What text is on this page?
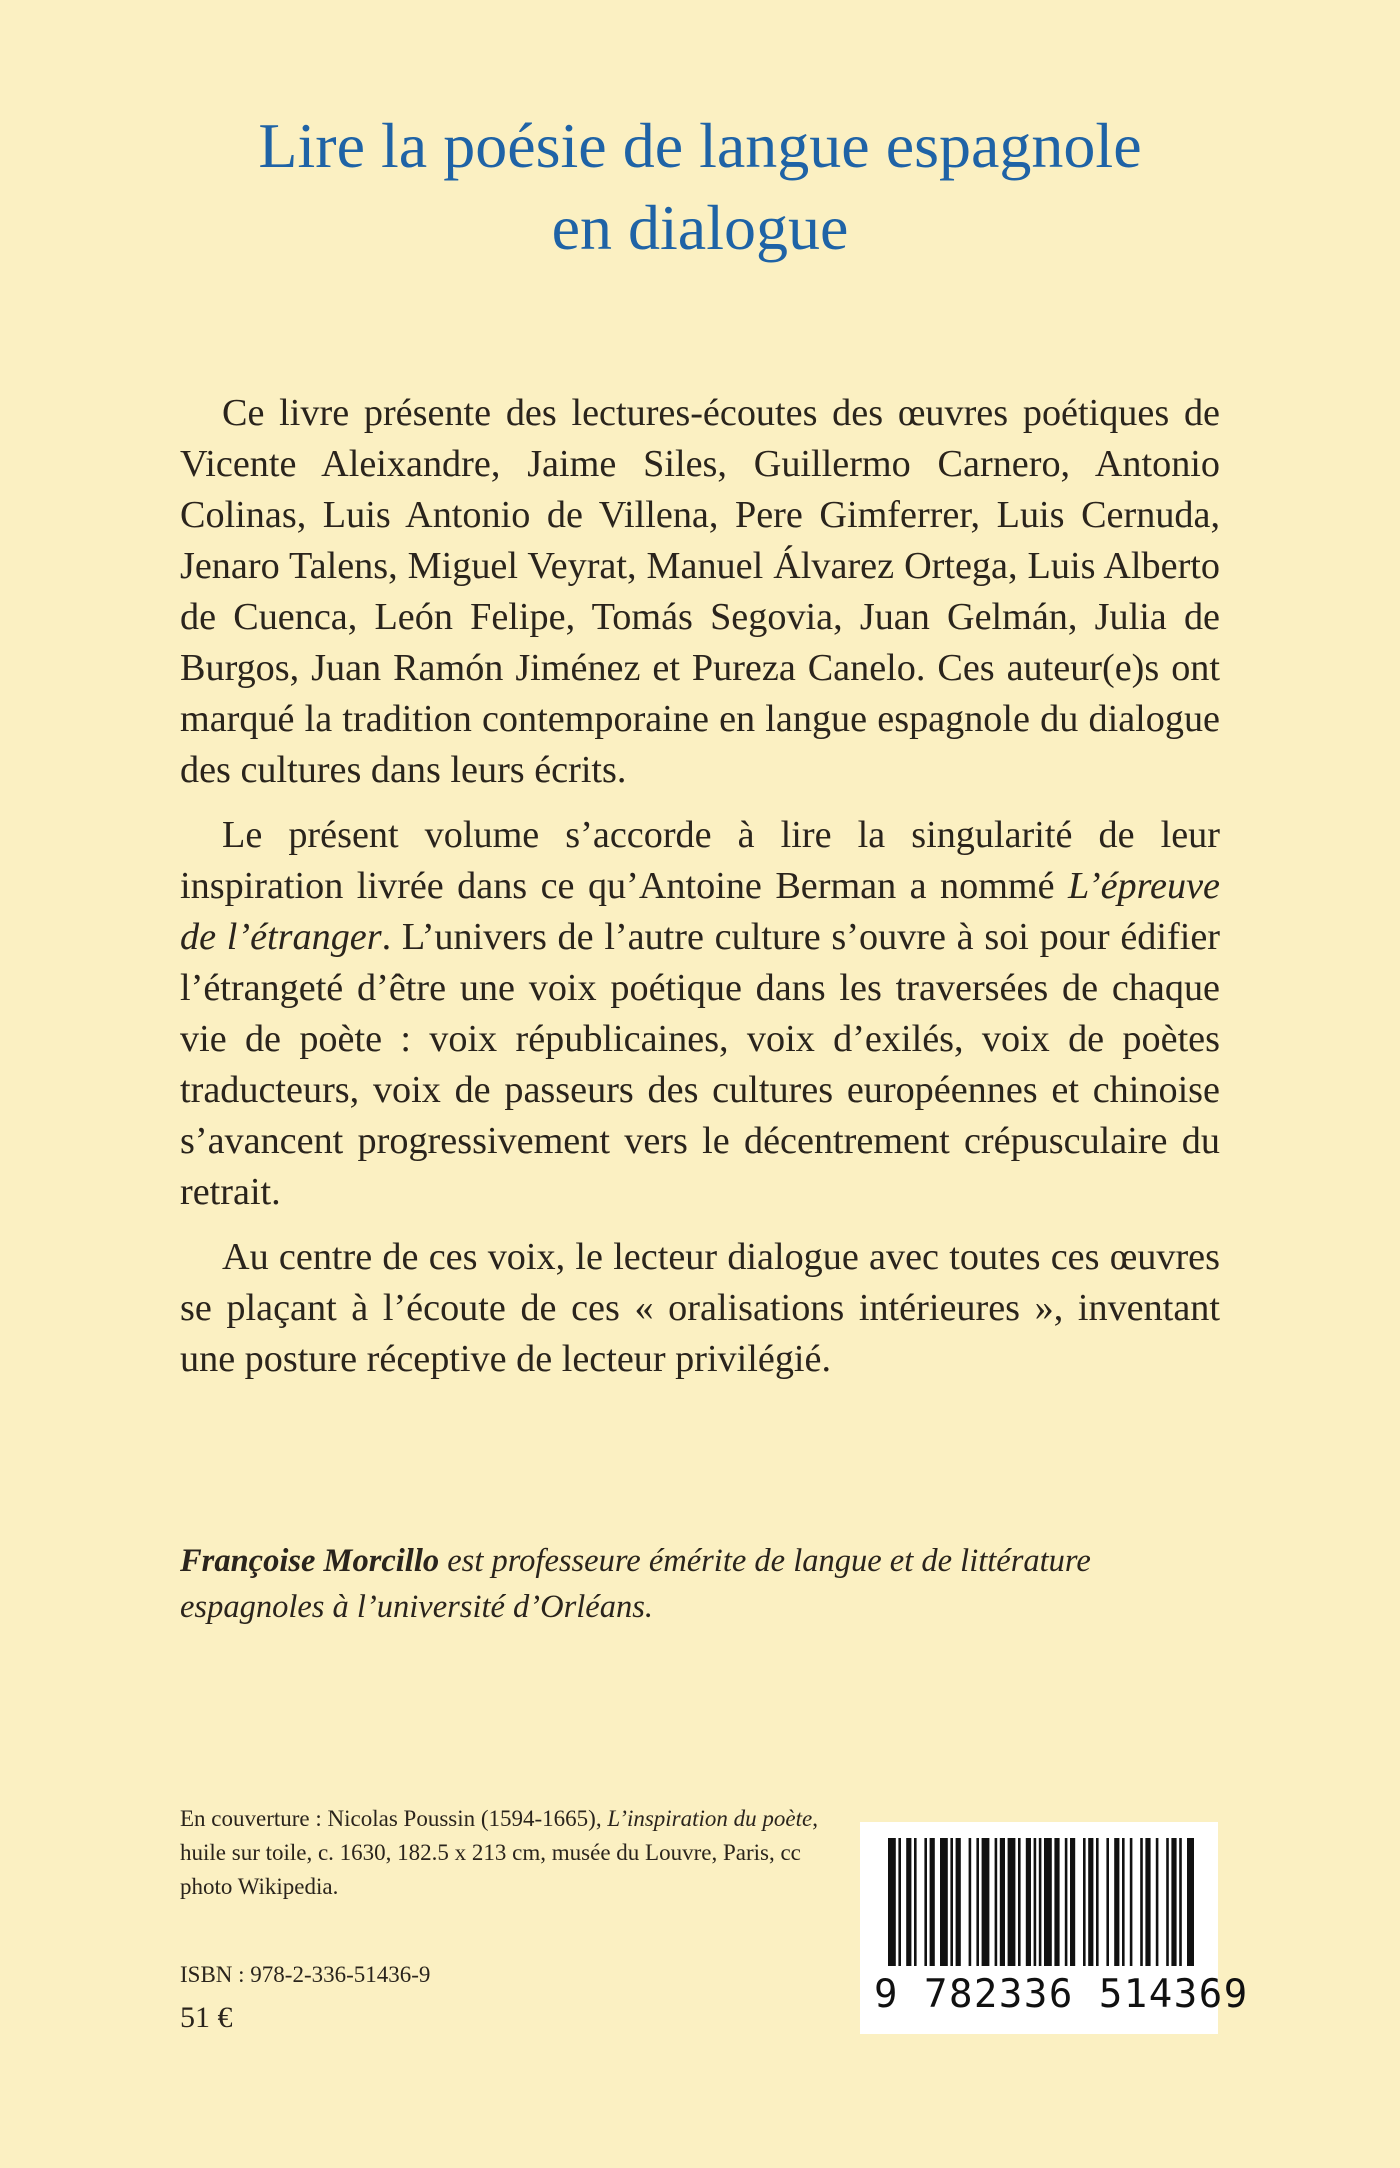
Lire la poésie de langue espagnole
en dialogue

Ce livre présente des lectures-écoutes des œuvres poétiques de Vicente Aleixandre, Jaime Siles, Guillermo Carnero, Antonio Colinas, Luis Antonio de Villena, Pere Gimferrer, Luis Cernuda, Jenaro Talens, Miguel Veyrat, Manuel Álvarez Ortega, Luis Alberto de Cuenca, León Felipe, Tomás Segovia, Juan Gelmán, Julia de Burgos, Juan Ramón Jiménez et Pureza Canelo. Ces auteur(e)s ont marqué la tradition contemporaine en langue espagnole du dialogue des cultures dans leurs écrits.

Le présent volume s’accorde à lire la singularité de leur inspiration livrée dans ce qu’Antoine Berman a nommé L’épreuve de l’étranger. L’univers de l’autre culture s’ouvre à soi pour édifier l’étrangeté d’être une voix poétique dans les traversées de chaque vie de poète : voix républicaines, voix d’exilés, voix de poètes traducteurs, voix de passeurs des cultures européennes et chinoise s’avancent progressivement vers le décentrement crépusculaire du retrait.

Au centre de ces voix, le lecteur dialogue avec toutes ces œuvres se plaçant à l’écoute de ces « oralisations intérieures », inventant une posture réceptive de lecteur privilégié.

Françoise Morcillo est professeure émérite de langue et de littérature espagnoles à l’université d’Orléans.

En couverture : Nicolas Poussin (1594-1665), L’inspiration du poète, huile sur toile, c. 1630, 182.5 x 213 cm, musée du Louvre, Paris, cc photo Wikipedia.
ISBN : 978-2-336-51436-9
51 €
9 782336 514369
